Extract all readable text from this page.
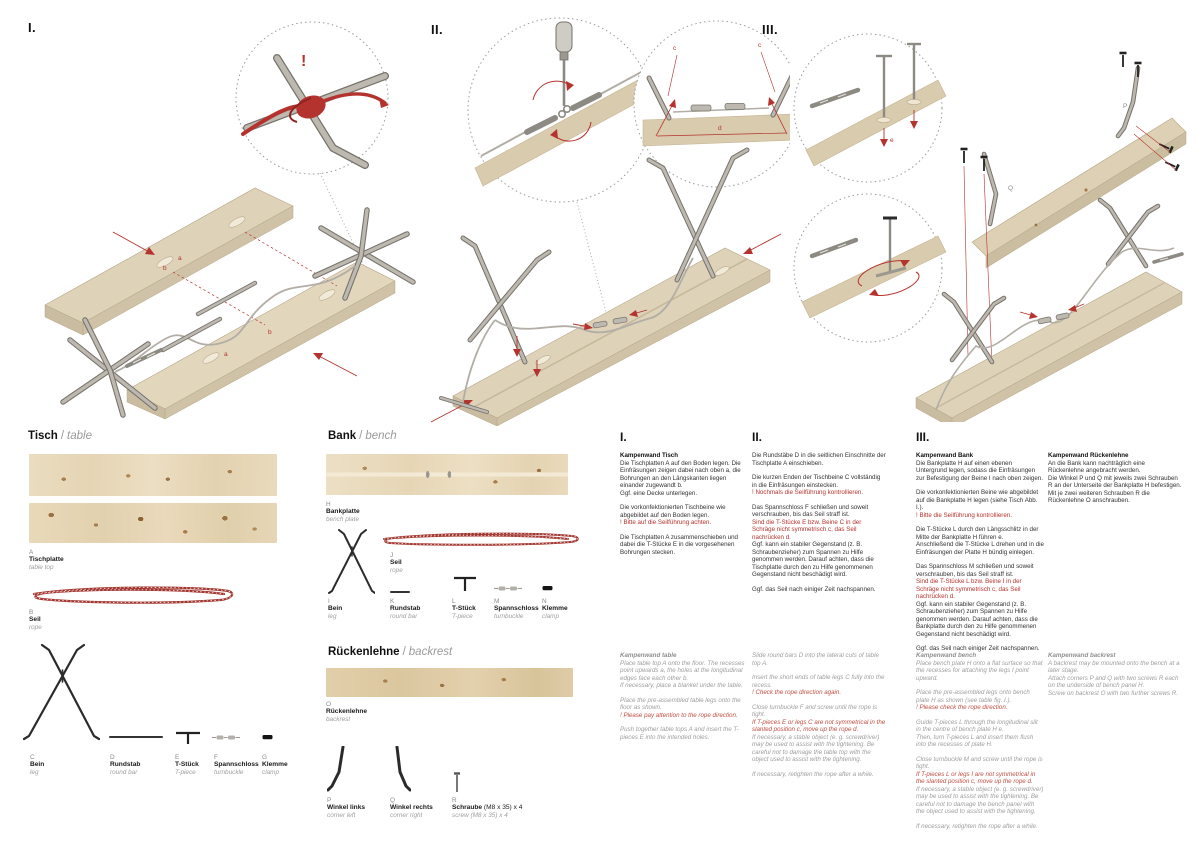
I.	II.	III.
!
a
a
b
b
c	c
d
e
P
Q
Tisch / table
A
Tischplatte
table top
B
Seil
rope
C
Bein
leg
D
Rundstab
round bar
E
T-Stück
T-piece
F
Spannschloss
turnbuckle
G
Klemme
clamp
Bank / bench
H
Bankplatte
bench plate
I
Bein
leg
J
Seil
rope
K
Rundstab
round bar
L
T-Stück
T-piece
M
Spannschloss
turnbuckle
N
Klemme
clamp
Rückenlehne / backrest
O
Rückenlehne
backrest
P
Winkel links
corner left
Q
Winkel rechts
corner right
R
Schraube (M8 x 35) x 4
screw (M8 x 35) x 4
I.

Kampenwand Tisch

Die Tischplatten A auf den Boden legen. Die Einfräsungen zeigen dabei nach oben a, die Bohrungen an den Längskanten liegen einander zugewandt b.

Ggf. eine Decke unterlegen.

Die vorkonfektionierten Tischbeine wie abgebildet auf den Boden legen.

! Bitte auf die Seilführung achten.

Die Tischplatten A zusammenschieben und dabei die T-Stücke E in die vorgesehenen Bohrungen stecken.

Kampenwand table

Place table top A onto the floor. The recesses point upwards a, the holes at the longitudinal edges face each other b.

If necessary, place a blanket under the table.

Place the pre-assembled table legs onto the floor as shown.

! Please pay attention to the rope direction.

Push together table tops A and insert the T-pieces E into the intended holes.

II.

Die Rundstäbe D in die seitlichen Einschnitte der Tischplatte A einschieben.

Die kurzen Enden der Tischbeine C vollständig in die Einfräsungen einstecken.

! Nochmals die Seilführung kontrollieren.

Das Spannschloss F schließen und soweit verschrauben, bis das Seil straff ist.

Sind die T-Stücke E bzw. Beine C in der Schräge nicht symmetrisch c, das Seil nachrücken d.

Ggf. kann ein stabiler Gegenstand (z. B. Schraubenzieher) zum Spannen zu Hilfe genommen werden. Darauf achten, dass die Tischplatte durch den zu Hilfe genommenen Gegenstand nicht beschädigt wird.

Ggf. das Seil nach einiger Zeit nachspannen.

Slide round bars D into the lateral cuts of table top A.

Insert the short ends of table legs C fully into the recess.

! Check the rope direction again.

Close turnbuckle F and screw until the rope is tight.

If T-pieces E or legs C are not symmetrical in the slanted position c, move up the rope d.

If necessary, a stable object (e. g. screwdriver) may be used to assist with the tightening. Be careful not to damage the table top with the object used to assist with the tightening.

If necessary, retighten the rope after a while.

III.

Kampenwand Bank

Die Bankplatte H auf einen ebenen Untergrund legen, sodass die Einfräsungen zur Befestigung der Beine I nach oben zeigen.

Die vorkonfektionierten Beine wie abgebildet auf die Bankplatte H legen (siehe Tisch Abb. I.).

! Bitte die Seilführung kontrollieren.

Die T-Stücke L durch den Längsschlitz in der Mitte der Bankplatte H führen e.

Anschließend die T-Stücke L drehen und in die Einfräsungen der Platte H bündig einlegen.

Das Spannschloss M schließen und soweit verschrauben, bis das Seil straff ist.

Sind die T-Stücke L bzw. Beine I in der Schräge nicht symmetrisch c, das Seil nachrücken d.

Ggf. kann ein stabiler Gegenstand (z. B. Schraubenzieher) zum Spannen zu Hilfe genommen werden. Darauf achten, dass die Bankplatte durch den zu Hilfe genommenen Gegenstand nicht beschädigt wird.

Ggf. das Seil nach einiger Zeit nachspannen.

Kampenwand bench

Place bench plate H onto a flat surface so that the recesses for attaching the legs I point upward.

Place the pre-assembled legs onto bench plate H as shown (see table fig. I.).

! Please check the rope direction.

Guide T-pieces L through the longitudinal slit in the centre of bench plate H e.

Then, turn T-pieces L and insert them flush into the recesses of plate H.

Close turnbuckle M and screw until the rope is tight.

If T-pieces L or legs I are not symmetrical in the slanted position c, move up the rope d.

If necessary, a stable object (e. g. screwdriver) may be used to assist with the tightening. Be careful not to damage the bench panel with the object used to assist with the tightening.

If necessary, retighten the rope after a while.

Kampenwand Rückenlehne

An die Bank kann nachträglich eine Rückenlehne angebracht werden.

Die Winkel P und Q mit jeweils zwei Schrauben R an der Unterseite der Bankplatte H befestigen.

Mit je zwei weiteren Schrauben R die Rückenlehne O anschrauben.

Kampenwand backrest

A backrest may be mounted onto the bench at a later stage.

Attach corners P and Q with two screws R each on the underside of bench panel H.

Screw on backrest O with two further screws R.
